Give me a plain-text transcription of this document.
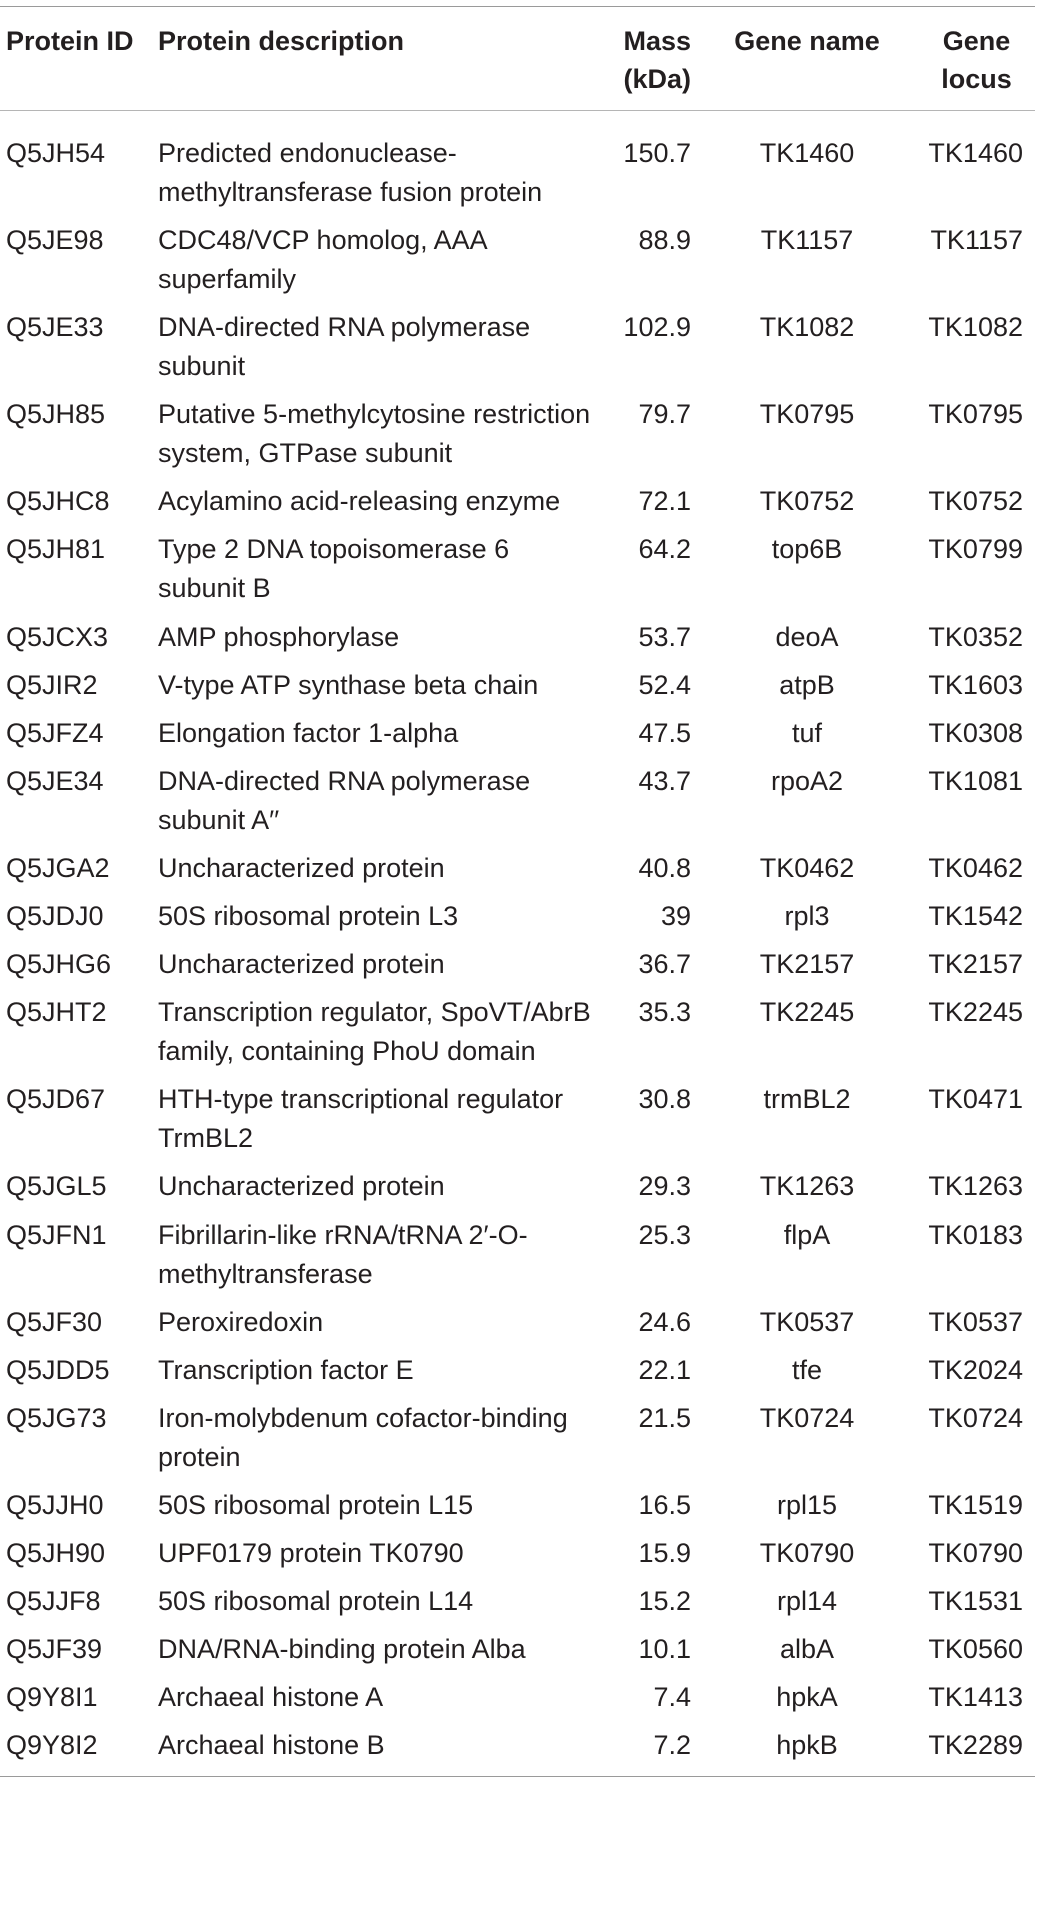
Protein ID	Protein description	Mass (kDa)	Gene name	Gene locus
Q5JH54	Predicted endonuclease-methyltransferase fusion protein	150.7	TK1460	TK1460
Q5JE98	CDC48/VCP homolog, AAA superfamily	88.9	TK1157	TK1157
Q5JE33	DNA-directed RNA polymerase subunit	102.9	TK1082	TK1082
Q5JH85	Putative 5-methylcytosine restriction system, GTPase subunit	79.7	TK0795	TK0795
Q5JHC8	Acylamino acid-releasing enzyme	72.1	TK0752	TK0752
Q5JH81	Type 2 DNA topoisomerase 6 subunit B	64.2	top6B	TK0799
Q5JCX3	AMP phosphorylase	53.7	deoA	TK0352
Q5JIR2	V-type ATP synthase beta chain	52.4	atpB	TK1603
Q5JFZ4	Elongation factor 1-alpha	47.5	tuf	TK0308
Q5JE34	DNA-directed RNA polymerase subunit A′′	43.7	rpoA2	TK1081
Q5JGA2	Uncharacterized protein	40.8	TK0462	TK0462
Q5JDJ0	50S ribosomal protein L3	39	rpl3	TK1542
Q5JHG6	Uncharacterized protein	36.7	TK2157	TK2157
Q5JHT2	Transcription regulator, SpoVT/AbrB family, containing PhoU domain	35.3	TK2245	TK2245
Q5JD67	HTH-type transcriptional regulator TrmBL2	30.8	trmBL2	TK0471
Q5JGL5	Uncharacterized protein	29.3	TK1263	TK1263
Q5JFN1	Fibrillarin-like rRNA/tRNA 2′-O-methyltransferase	25.3	flpA	TK0183
Q5JF30	Peroxiredoxin	24.6	TK0537	TK0537
Q5JDD5	Transcription factor E	22.1	tfe	TK2024
Q5JG73	Iron-molybdenum cofactor-binding protein	21.5	TK0724	TK0724
Q5JJH0	50S ribosomal protein L15	16.5	rpl15	TK1519
Q5JH90	UPF0179 protein TK0790	15.9	TK0790	TK0790
Q5JJF8	50S ribosomal protein L14	15.2	rpl14	TK1531
Q5JF39	DNA/RNA-binding protein Alba	10.1	albA	TK0560
Q9Y8I1	Archaeal histone A	7.4	hpkA	TK1413
Q9Y8I2	Archaeal histone B	7.2	hpkB	TK2289
